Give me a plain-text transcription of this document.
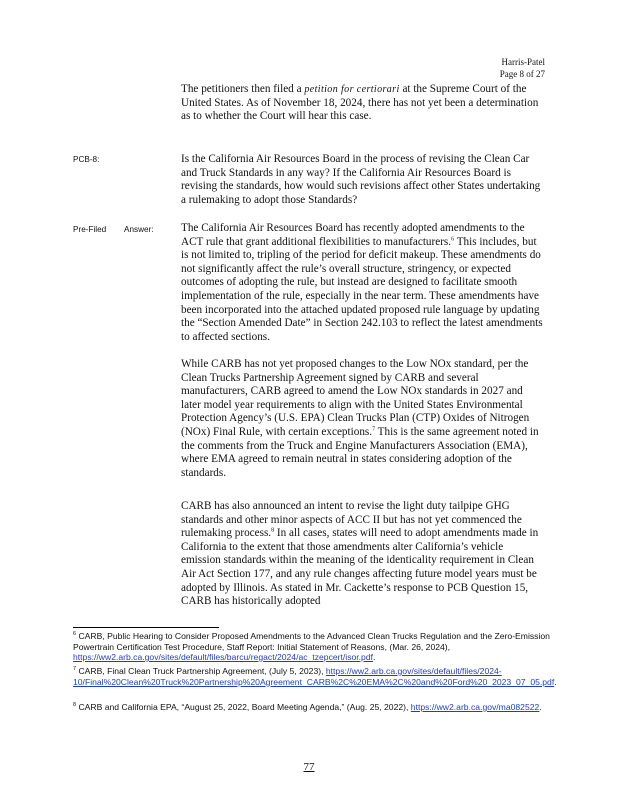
Harris-Patel
Page 8 of 27
The petitioners then filed a petition for certiorari at the Supreme Court of the United States. As of November 18, 2024, there has not yet been a determination as to whether the Court will hear this case.
PCB-8:	Is the California Air Resources Board in the process of revising the Clean Car and Truck Standards in any way? If the California Air Resources Board is revising the standards, how would such revisions affect other States undertaking a rulemaking to adopt those Standards?
Pre-Filed Answer: The California Air Resources Board has recently adopted amendments to the ACT rule that grant additional flexibilities to manufacturers.$^6$ This includes, but is not limited to, tripling of the period for deficit makeup. These amendments do not significantly affect the rule’s overall structure, stringency, or expected outcomes of adopting the rule, but instead are designed to facilitate smooth implementation of the rule, especially in the near term. These amendments have been incorporated into the attached updated proposed rule language by updating the “Section Amended Date” in Section 242.103 to reflect the latest amendments to affected sections.
While CARB has not yet proposed changes to the Low NOx standard, per the Clean Trucks Partnership Agreement signed by CARB and several manufacturers, CARB agreed to amend the Low NOx standards in 2027 and later model year requirements to align with the United States Environmental Protection Agency’s (U.S. EPA) Clean Trucks Plan (CTP) Oxides of Nitrogen (NOx) Final Rule, with certain exceptions.$^7$ This is the same agreement noted in the comments from the Truck and Engine Manufacturers Association (EMA), where EMA agreed to remain neutral in states considering adoption of the standards.
CARB has also announced an intent to revise the light duty tailpipe GHG standards and other minor aspects of ACC II but has not yet commenced the rulemaking process.$^8$ In all cases, states will need to adopt amendments made in California to the extent that those amendments alter California’s vehicle emission standards within the meaning of the identicality requirement in Clean Air Act Section 177, and any rule changes affecting future model years must be adopted by Illinois. As stated in Mr. Cackette’s response to PCB Question 15, CARB has historically adopted
$^6$ CARB, Public Hearing to Consider Proposed Amendments to the Advanced Clean Trucks Regulation and the Zero-Emission Powertrain Certification Test Procedure, Staff Report: Initial Statement of Reasons, (Mar. 26, 2024), https://ww2.arb.ca.gov/sites/default/files/barcu/regact/2024/ac_tzepcert/isor.pdf.
$^7$ CARB, Final Clean Truck Partnership Agreement, (July 5, 2023), https://ww2.arb.ca.gov/sites/default/files/2024-10/Final%20Clean%20Truck%20Partnership%20Agreement_CARB%2C%20EMA%2C%20and%20Ford%20_2023_07_05.pdf.
$^8$ CARB and California EPA, “August 25, 2022, Board Meeting Agenda,” (Aug. 25, 2022), https://ww2.arb.ca.gov/ma082522.
77
